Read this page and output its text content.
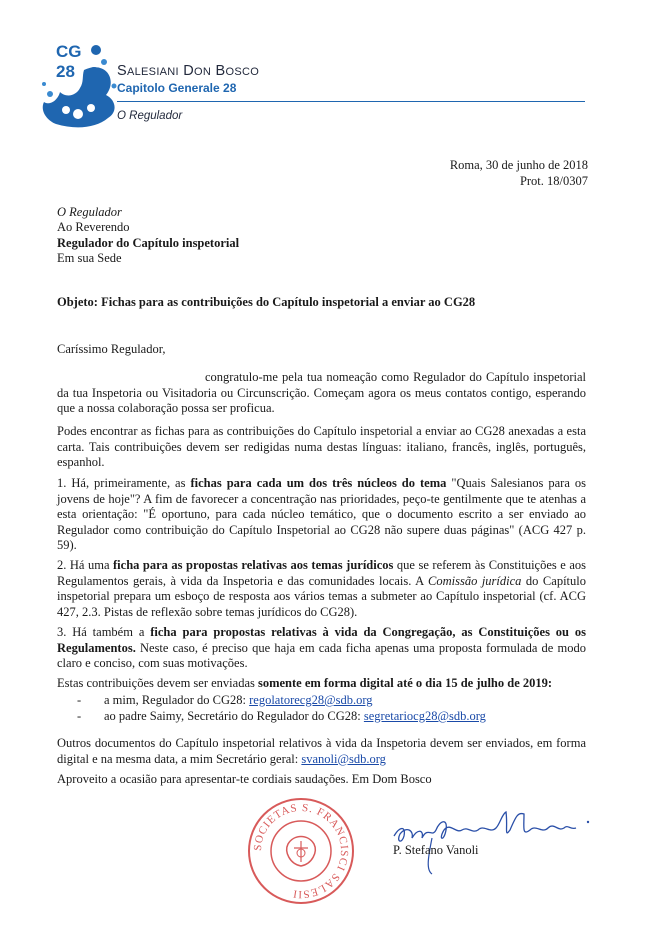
CG
28	SALESIANI DON BOSCO
Capitolo Generale 28
O Regulador
Roma, 30 de junho de 2018
Prot. 18/0307
O Regulador
Ao Reverendo
Regulador do Capítulo inspetorial
Em sua Sede
Objeto: Fichas para as contribuições do Capítulo inspetorial a enviar ao CG28
Caríssimo Regulador,
congratulo-me pela tua nomeação como Regulador do Capítulo inspetorial da tua Inspetoria ou Visitadoria ou Circunscrição. Começam agora os meus contatos contigo, esperando que a nossa colaboração possa ser proficua.
Podes encontrar as fichas para as contribuições do Capítulo inspetorial a enviar ao CG28 anexadas a esta carta. Tais contribuições devem ser redigidas numa destas línguas: italiano, francês, inglês, português, espanhol.
1. Há, primeiramente, as fichas para cada um dos três núcleos do tema "Quais Salesianos para os jovens de hoje"? A fim de favorecer a concentração nas prioridades, peço-te gentilmente que te atenhas a esta orientação: "É oportuno, para cada núcleo temático, que o documento escrito a ser enviado ao Regulador como contribuição do Capítulo Inspetorial ao CG28 não supere duas páginas" (ACG 427 p. 59).
2. Há uma ficha para as propostas relativas aos temas jurídicos que se referem às Constituições e aos Regulamentos gerais, à vida da Inspetoria e das comunidades locais. A Comissão jurídica do Capítulo inspetorial prepara um esboço de resposta aos vários temas a submeter ao Capítulo inspetorial (cf. ACG 427, 2.3. Pistas de reflexão sobre temas jurídicos do CG28).
3. Há também a ficha para propostas relativas à vida da Congregação, as Constituições ou os Regulamentos. Neste caso, é preciso que haja em cada ficha apenas uma proposta formulada de modo claro e conciso, com suas motivações.
Estas contribuições devem ser enviadas somente em forma digital até o dia 15 de julho de 2019:
- a mim, Regulador do CG28: regolatorecg28@sdb.org
- ao padre Saimy, Secretário do Regulador do CG28: segretariocg28@sdb.org
Outros documentos do Capítulo inspetorial relativos à vida da Inspetoria devem ser enviados, em forma digital e na mesma data, a mim Secretário geral: svanoli@sdb.org
Aproveito a ocasião para apresentar-te cordiais saudações. Em Dom Bosco
SOCIETAS S. FRANCISCI SALESII
P. Stefano Vanoli
